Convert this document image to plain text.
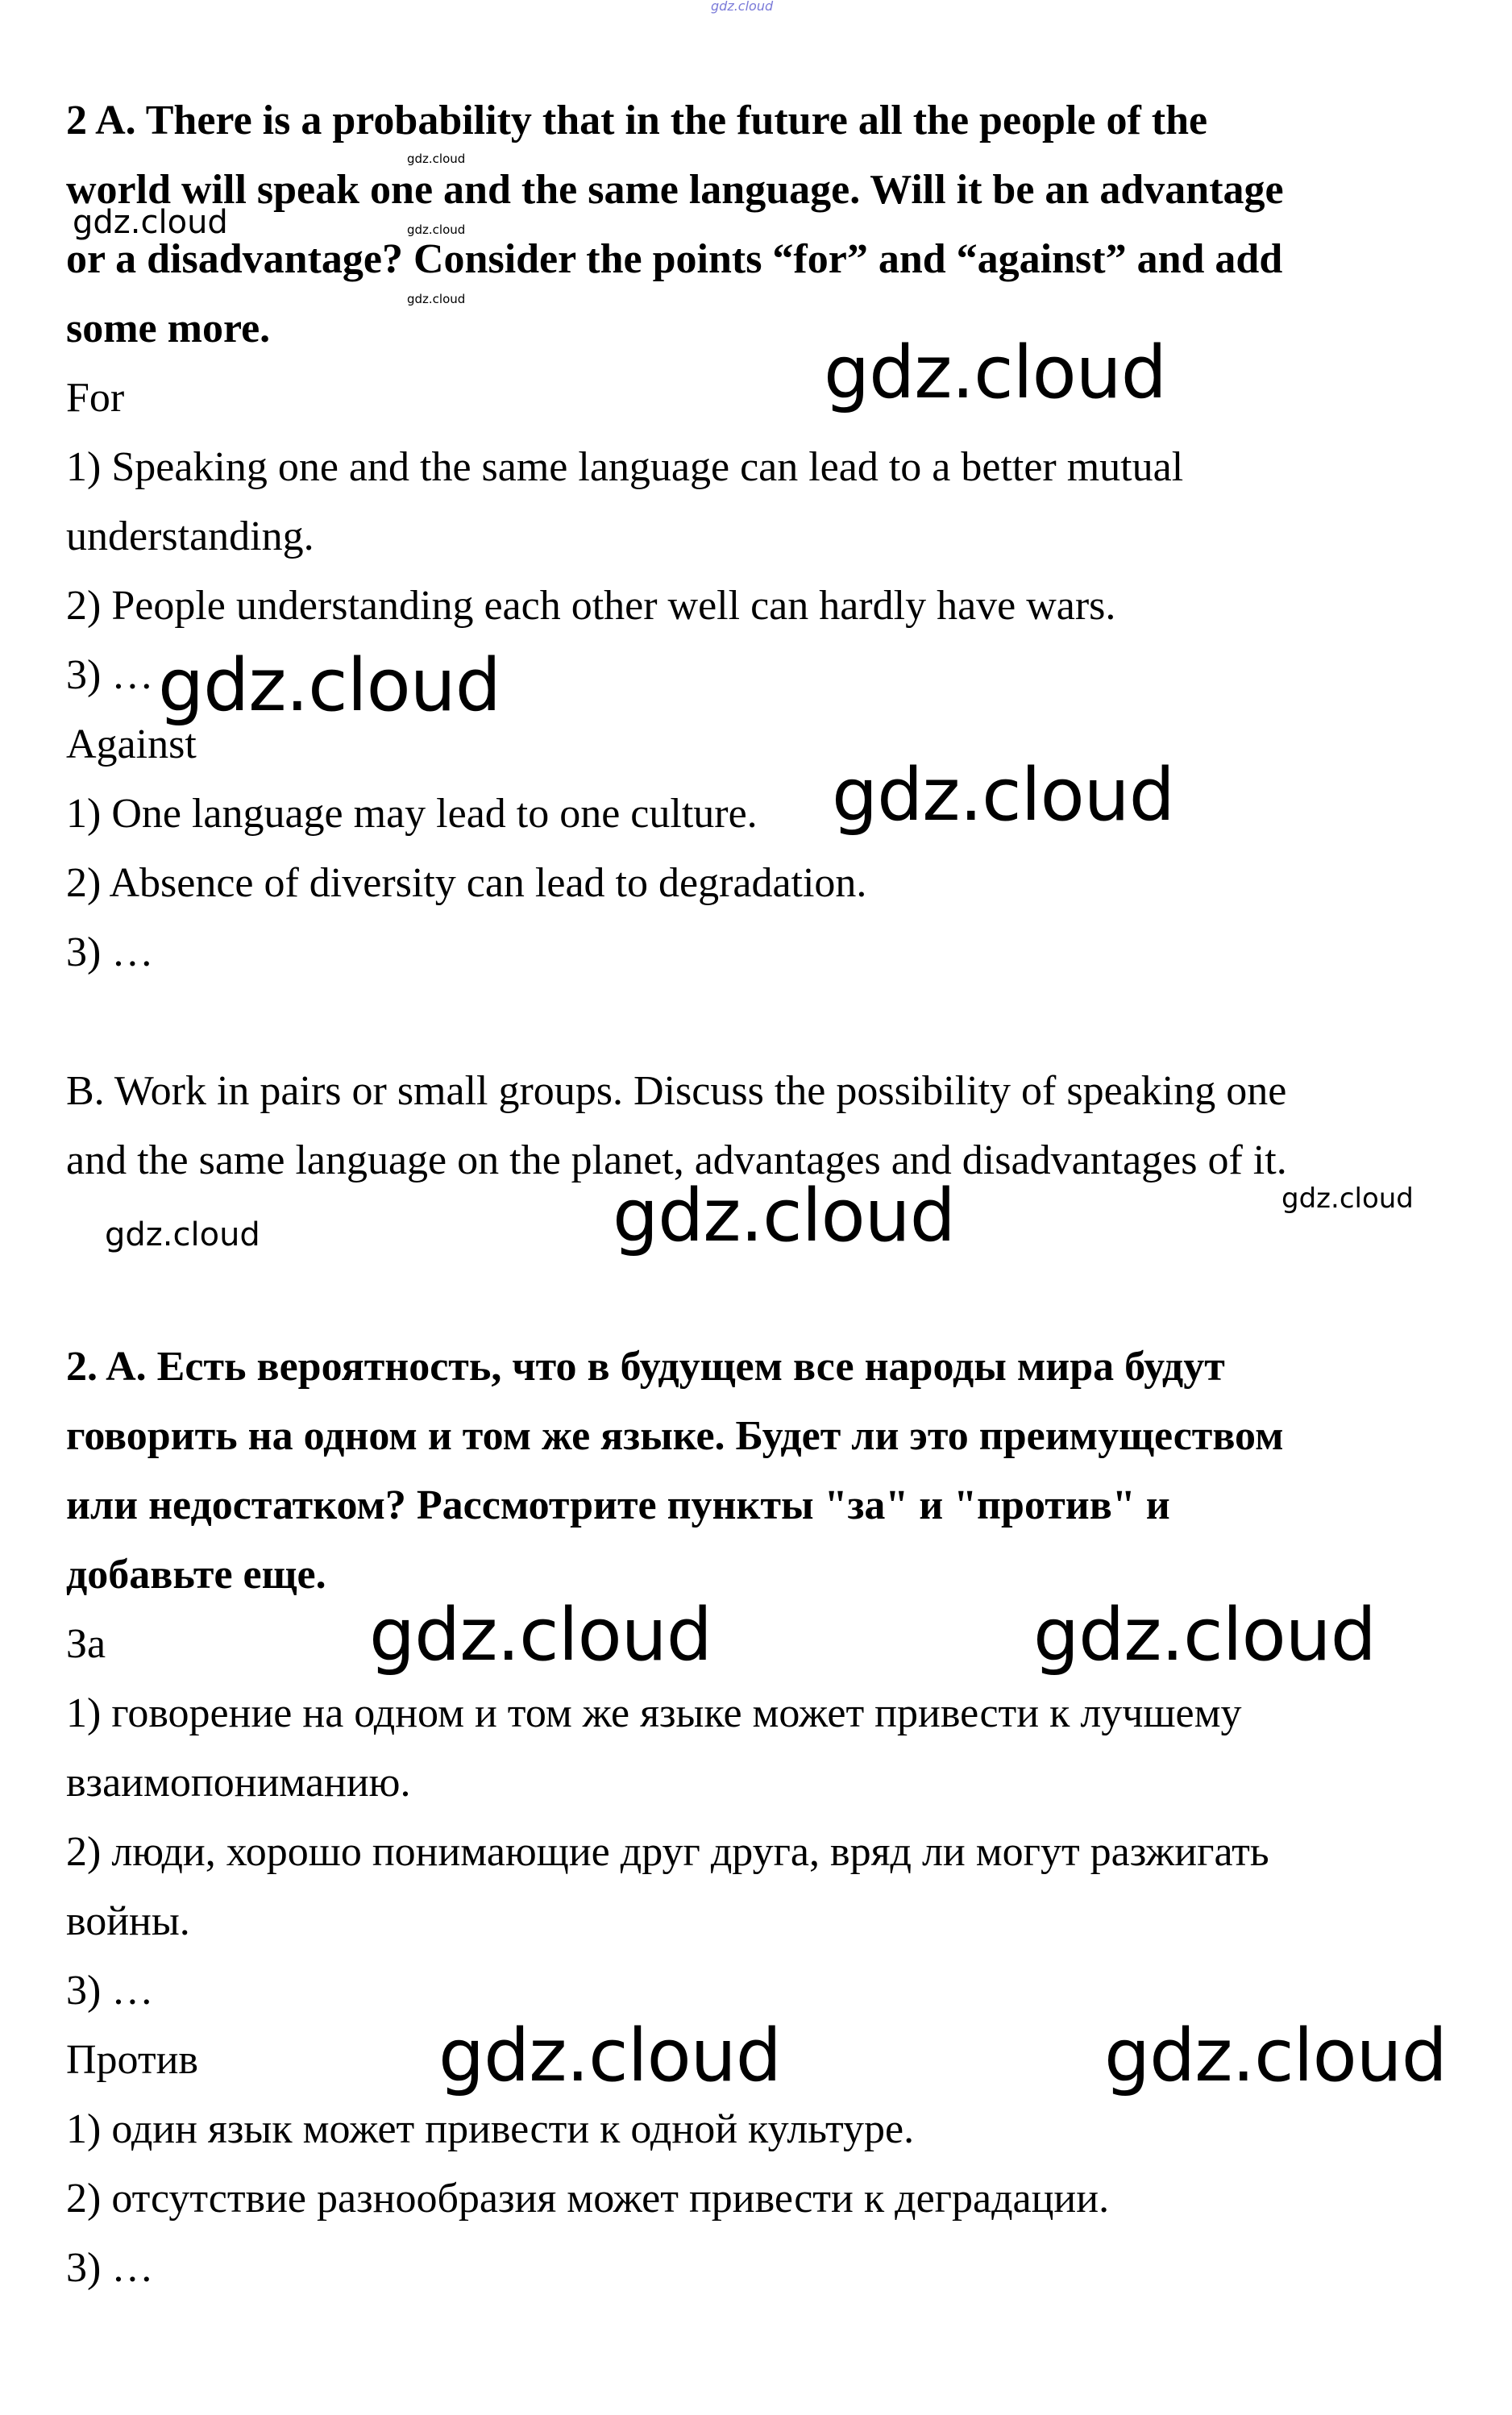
gdz.cloud
2 A. There is a probability that in the future all the people of the
world will speak one and the same language. Will it be an advantage
or a disadvantage? Consider the points “for” and “against” and add
some more.
For
1) Speaking one and the same language can lead to a better mutual
understanding.
2) People understanding each other well can hardly have wars.
3) …
Against
1) One language may lead to one culture.
2) Absence of diversity can lead to degradation.
3) …
B. Work in pairs or small groups. Discuss the possibility of speaking one
and the same language on the planet, advantages and disadvantages of it.
2. A. Есть вероятность, что в будущем все народы мира будут
говорить на одном и том же языке. Будет ли это преимуществом
или недостатком? Рассмотрите пункты "за" и "против" и
добавьте еще.
За
1) говорение на одном и том же языке может привести к лучшему
взаимопониманию.
2) люди, хорошо понимающие друг друга, вряд ли могут разжигать
войны.
3) …
Против
1) один язык может привести к одной культуре.
2) отсутствие разнообразия может привести к деградации.
3) …
gdz.cloud
gdz.cloud	gdz.cloud
gdz.cloud
gdz.cloud
gdz.cloud
gdz.cloud
gdz.cloud	gdz.cloud
gdz.cloud
gdz.cloud	gdz.cloud
gdz.cloud	gdz.cloud
